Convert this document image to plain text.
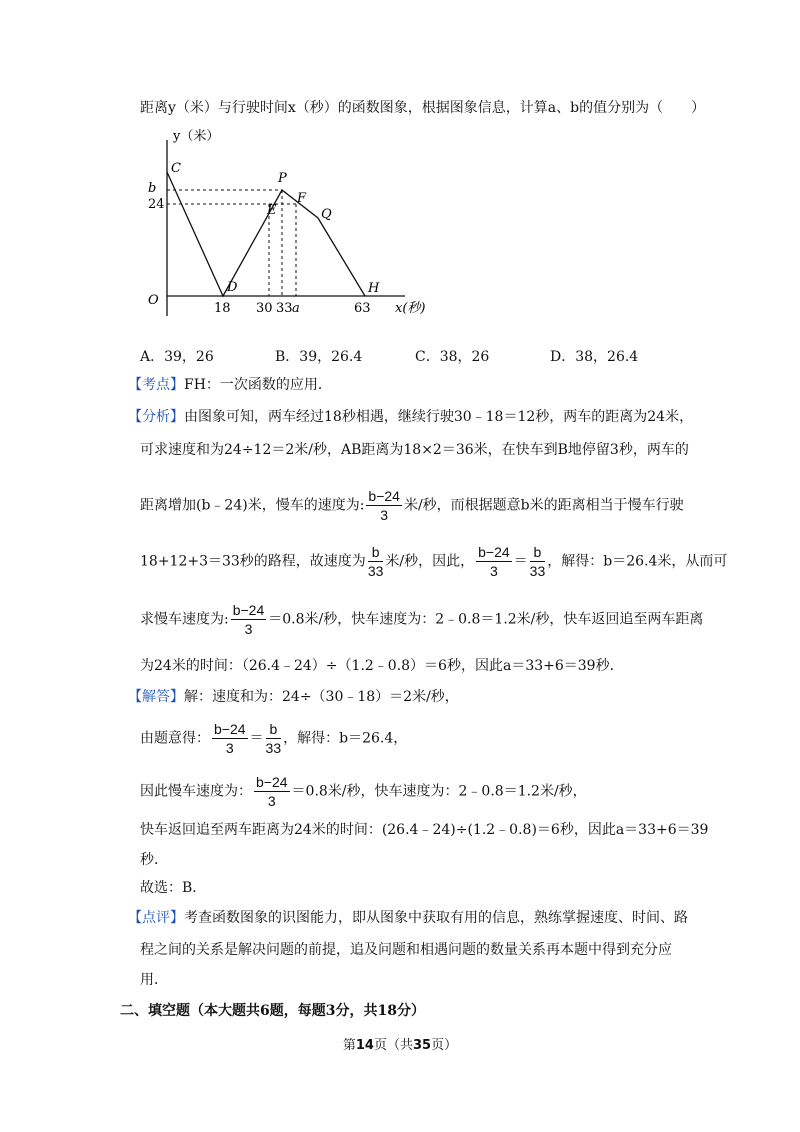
距离y（米）与行驶时间x（秒）的函数图象，根据图象信息，计算a、b的值分别为（　　）
y（米）
x(秒)
O
b
24
18 30 33 a	63
C
D
P
E
F
Q
H
A．39，26	B．39，26.4	C．38，26	D．38，26.4
【考点】FH：一次函数的应用．
【分析】由图象可知，两车经过18秒相遇，继续行驶30﹣18＝12秒，两车的距离为24米，
可求速度和为24÷12＝2米/秒，AB距离为18×2＝36米，在快车到B地停留3秒，两车的
距离增加(b﹣24)米，慢车的速度为: $\frac{b-24}{3}$ 米/秒，而根据题意b米的距离相当于慢车行驶
18+12+3＝33秒的路程，故速度为 $\frac{b}{33}$ 米/秒，因此， $\frac{b-24}{3} = \frac{b}{33}$ ，解得：b＝26.4米，从而可
求慢车速度为: $\frac{b-24}{3} =0.8$米/秒，快车速度为：2﹣0.8＝1.2米/秒，快车返回追至两车距离
为24米的时间：（26.4﹣24）÷（1.2﹣0.8）＝6秒，因此a＝33+6＝39秒．
【解答】解：速度和为：24÷（30﹣18）＝2米/秒，
由题意得： $\frac{b-24}{3} = \frac{b}{33}$ ，解得：b＝26.4，
因此慢车速度为： $\frac{b-24}{3} =0.8$米/秒，快车速度为：2﹣0.8＝1.2米/秒，
快车返回追至两车距离为24米的时间：(26.4﹣24)÷(1.2﹣0.8)＝6秒，因此a＝33+6＝39
秒．
故选：B．
【点评】考查函数图象的识图能力，即从图象中获取有用的信息，熟练掌握速度、时间、路
程之间的关系是解决问题的前提，追及问题和相遇问题的数量关系再本题中得到充分应
用．
二、填空题（本大题共6题，每题3分，共18分）
第14页（共35页）
